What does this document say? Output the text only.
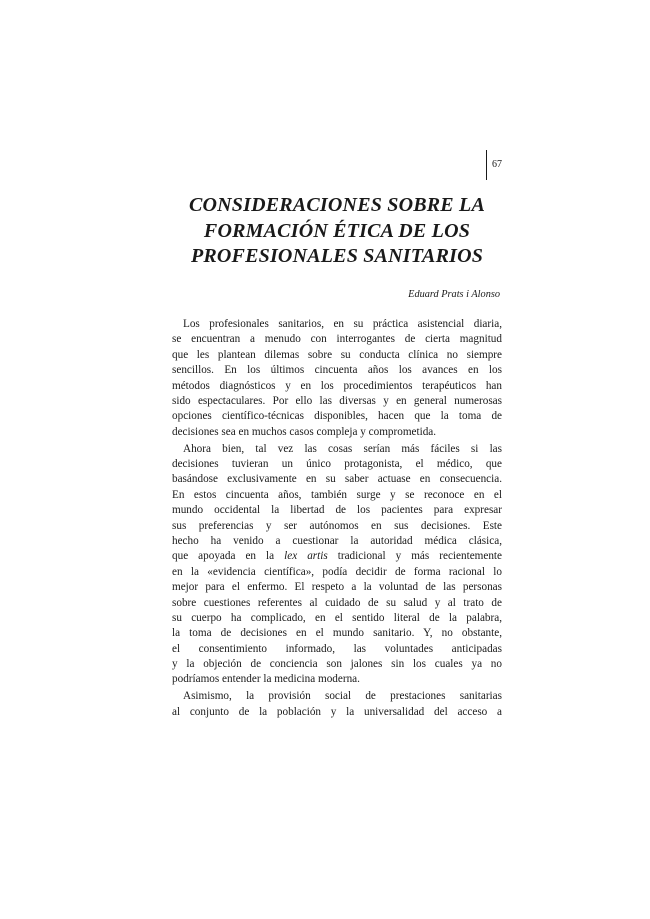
67
CONSIDERACIONES SOBRE LA
FORMACIÓN ÉTICA DE LOS
PROFESIONALES SANITARIOS

Eduard Prats i Alonso

Los profesionales sanitarios, en su práctica asistencial diaria,
se encuentran a menudo con interrogantes de cierta magnitud
que les plantean dilemas sobre su conducta clínica no siempre
sencillos. En los últimos cincuenta años los avances en los
métodos diagnósticos y en los procedimientos terapéuticos han
sido espectaculares. Por ello las diversas y en general numerosas
opciones científico-técnicas disponibles, hacen que la toma de
decisiones sea en muchos casos compleja y comprometida.

Ahora bien, tal vez las cosas serían más fáciles si las
decisiones tuvieran un único protagonista, el médico, que
basándose exclusivamente en su saber actuase en consecuencia.
En estos cincuenta años, también surge y se reconoce en el
mundo occidental la libertad de los pacientes para expresar
sus preferencias y ser autónomos en sus decisiones. Este
hecho ha venido a cuestionar la autoridad médica clásica,
que apoyada en la lex artis tradicional y más recientemente
en la «evidencia científica», podía decidir de forma racional lo
mejor para el enfermo. El respeto a la voluntad de las personas
sobre cuestiones referentes al cuidado de su salud y al trato de
su cuerpo ha complicado, en el sentido literal de la palabra,
la toma de decisiones en el mundo sanitario. Y, no obstante,
el consentimiento informado, las voluntades anticipadas
y la objeción de conciencia son jalones sin los cuales ya no
podríamos entender la medicina moderna.

Asimismo, la provisión social de prestaciones sanitarias
al conjunto de la población y la universalidad del acceso a
